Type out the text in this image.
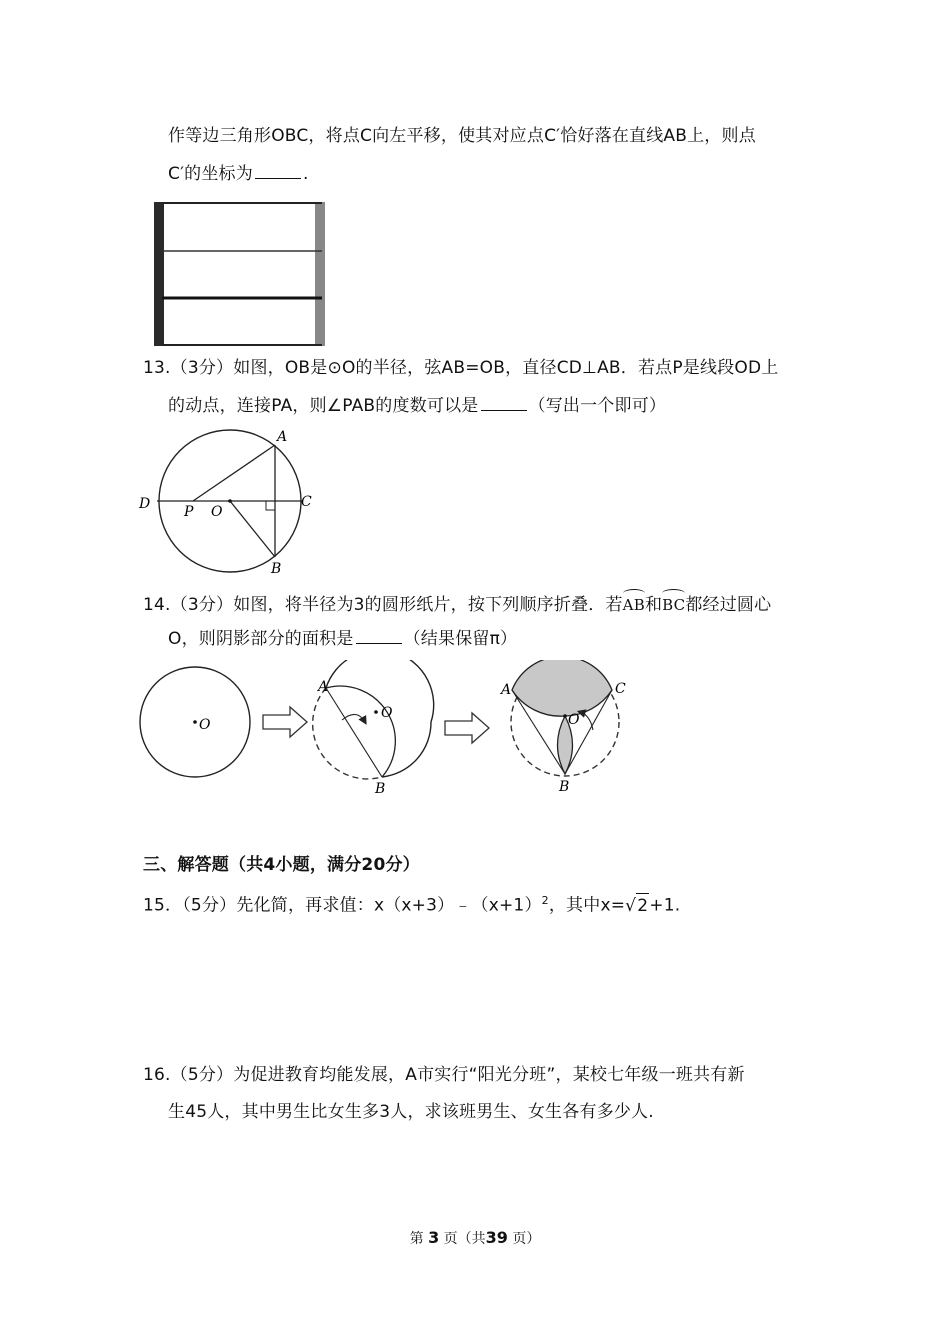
作等边三角形OBC，将点C向左平移，使其对应点C′恰好落在直线AB上，则点
C′的坐标为	.
13.（3分）如图，OB是⊙O的半径，弦AB=OB，直径CD⊥AB．若点P是线段OD上
的动点，连接PA，则∠PAB的度数可以是	（写出一个即可）
A
B
C
D P O
14.（3分）如图，将半径为3的圆形纸片，按下列顺序折叠．若AB和BC都经过圆心
O，则阴影部分的面积是	（结果保留π）
O
A
B
O
A	C
B
O
三、解答题（共4小题，满分20分）
15．（5分）先化简，再求值：$x(x+3)﹣(x+1)^2$，其中x=√2+1.
16.（5分）为促进教育均能发展，A市实行“阳光分班”，某校七年级一班共有新
生45人，其中男生比女生多3人，求该班男生、女生各有多少人.
第 3 页（共39 页）
